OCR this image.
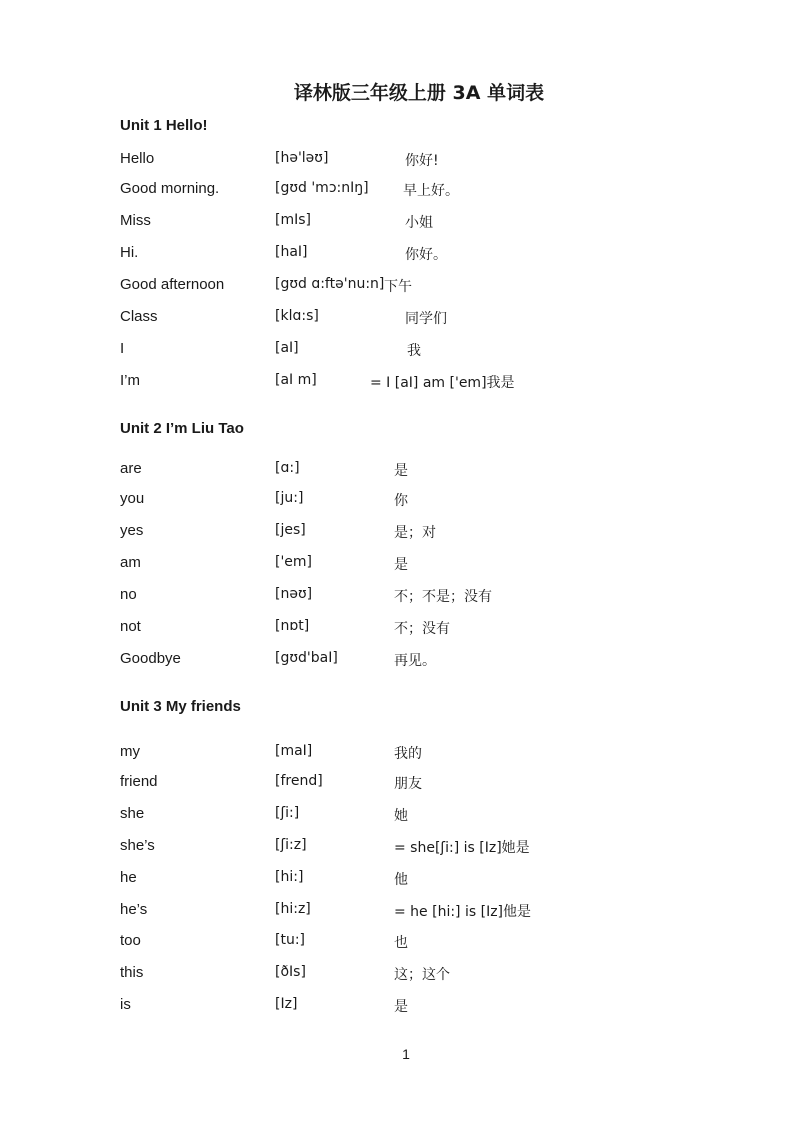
译林版三年级上册 3A 单词表
Unit 1 Hello!
Hello	[hə'ləʊ]	你好!
Good morning.	[gʊd 'mɔ:nIŋ] 早上好。
Miss	[mIs]	小姐
Hi.	[haI]	你好。
Good afternoon	[gʊd ɑ:ftə'nu:n] 下午
Class	[klɑ:s]	同学们
I	[aI]	我
I’m	[aI m]	= I [aI] am ['em]我是
Unit 2 I’m Liu Tao
are	[ɑ:]	是
you	[ju:]	你
yes	[jes]	是；对
am	['em]	是
no	[nəʊ]	不；不是；没有
not	[nɒt]	不；没有
Goodbye	[gʊd'baI]	再见。
Unit 3 My friends
my	[maI]	我的
friend	[frend]	朋友
she	[ʃi:]	她
she’s	[ʃi:z]	= she[ʃi:] is [Iz]她是
he	[hi:]	他
he’s	[hi:z]	= he [hi:] is [Iz]他是
too	[tu:]	也
this	[ðIs]	这；这个
is	[Iz]	是
1
